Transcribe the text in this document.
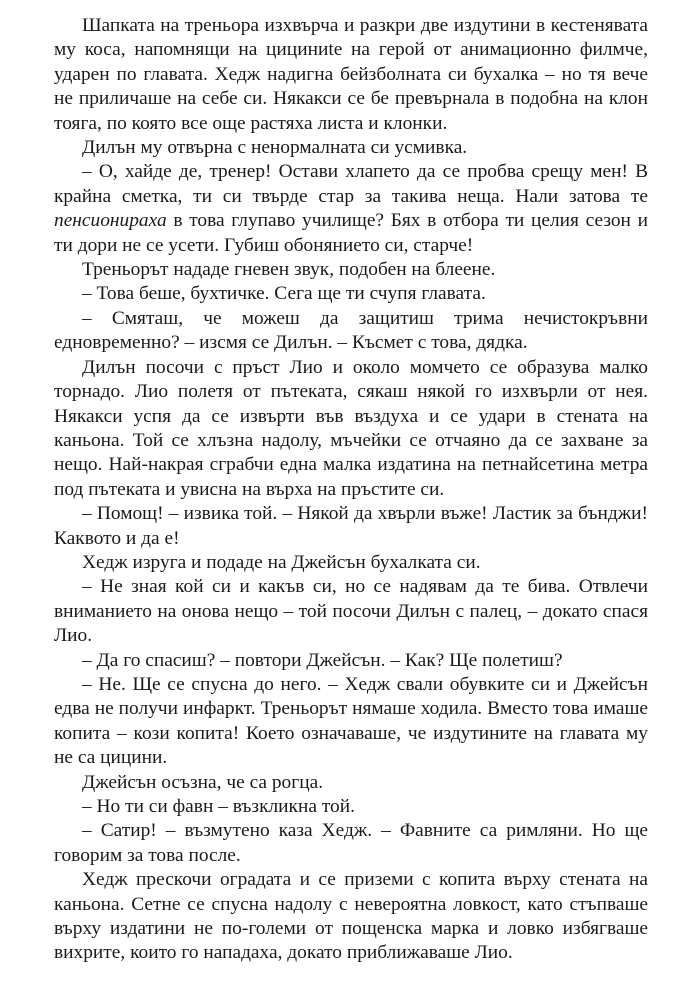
Шапката на треньора изхвърча и разкри две издутини в кестенявата му коса, напомнящи на цициниte на герой от анимационно филмче, ударен по главата. Хедж надигна бейзболната си бухалка – но тя вече не приличаше на себе си. Някакси се бе превърнала в подобна на клон тояга, по която все още растяха листа и клонки.

Дилън му отвърна с ненормалната си усмивка.

– О, хайде де, тренер! Остави хлапето да се пробва срещу мен! В крайна сметка, ти си твърде стар за такива неща. Нали затова те пенсионираха в това глупаво училище? Бях в отбора ти целия сезон и ти дори не се усети. Губиш обонянието си, старче!

Треньорът нададе гневен звук, подобен на блеене.

– Това беше, бухтичке. Сега ще ти счупя главата.

– Смяташ, че можеш да защитиш трима нечистокръвни едновременно? – изсмя се Дилън. – Късмет с това, дядка.

Дилън посочи с пръст Лио и около момчето се образува малко торнадо. Лио полетя от пътеката, сякаш някой го изхвърли от нея. Някакси успя да се извърти във въздуха и се удари в стената на каньона. Той се хлъзна надолу, мъчейки се отчаяно да се захване за нещо. Най-накрая сграбчи една малка издатина на петнайсетина метра под пътеката и увисна на върха на пръстите си.

– Помощ! – извика той. – Някой да хвърли въже! Ластик за бънджи! Каквото и да е!

Хедж изруга и подаде на Джейсън бухалката си.

– Не зная кой си и какъв си, но се надявам да те бива. Отвлечи вниманието на онова нещо – той посочи Дилън с палец, – докато спася Лио.

– Да го спасиш? – повтори Джейсън. – Как? Ще полетиш?

– Не. Ще се спусна до него. – Хедж свали обувките си и Джейсън едва не получи инфаркт. Треньорът нямаше ходила. Вместо това имаше копита – кози копита! Което означаваше, че издутините на главата му не са цицини.

Джейсън осъзна, че са рогца.

– Но ти си фавн – възкликна той.

– Сатир! – възмутено каза Хедж. – Фавните са римляни. Но ще говорим за това после.

Хедж прескочи оградата и се приземи с копита върху стената на каньона. Сетне се спусна надолу с невероятна ловкост, като стъпваше върху издатини не по-големи от пощенска марка и ловко избягваше вихрите, които го нападаха, докато приближаваше Лио.
